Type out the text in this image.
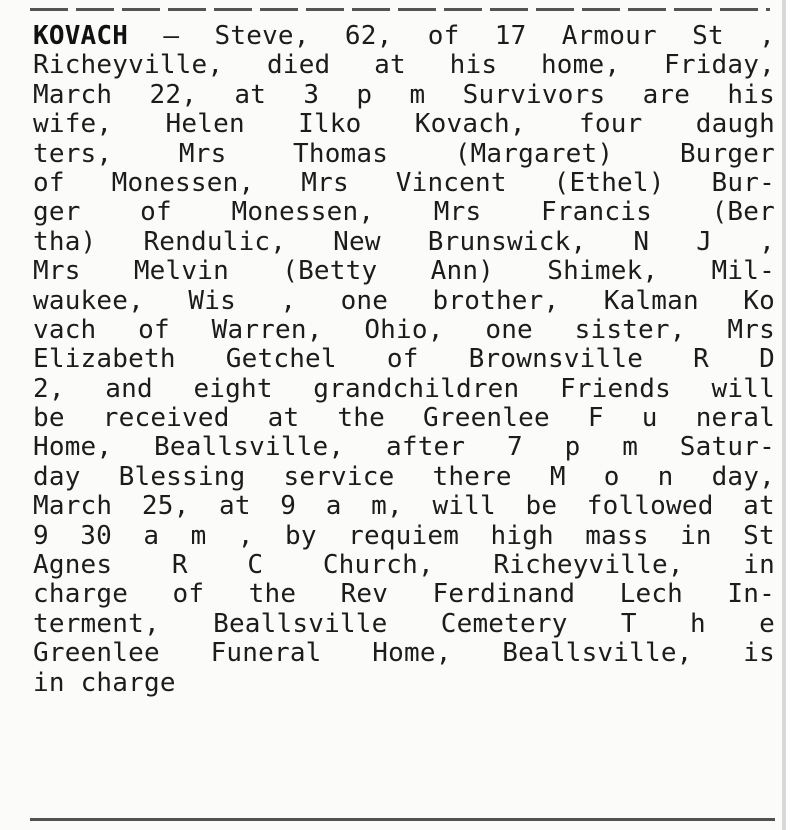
KOVACH — Steve, 62, of 17 Armour St ,
Richeyville, died at his home, Friday,
March 22, at 3 p m Survivors are his
wife, Helen Ilko Kovach, four daugh
ters,	Mrs	Thomas	(Margaret)	Burger
of Monessen, Mrs Vincent (Ethel) Bur-
ger of Monessen, Mrs Francis (Ber
tha) Rendulic, New Brunswick, N J ,
Mrs Melvin (Betty Ann) Shimek, Mil-
waukee, Wis , one brother, Kalman Ko
vach of Warren, Ohio, one sister, Mrs
Elizabeth Getchel of Brownsville R D
2, and eight grandchildren Friends will
be received at the Greenlee F u neral
Home, Beallsville, after 7 p m Satur-
day Blessing service there M o n day,
March 25, at 9 a m, will be followed at
9 30 a m , by requiem high mass in St
Agnes R C Church, Richeyville, in
charge of the Rev Ferdinand Lech In-
terment, Beallsville Cemetery T h e
Greenlee Funeral Home, Beallsville, is
in
charge
